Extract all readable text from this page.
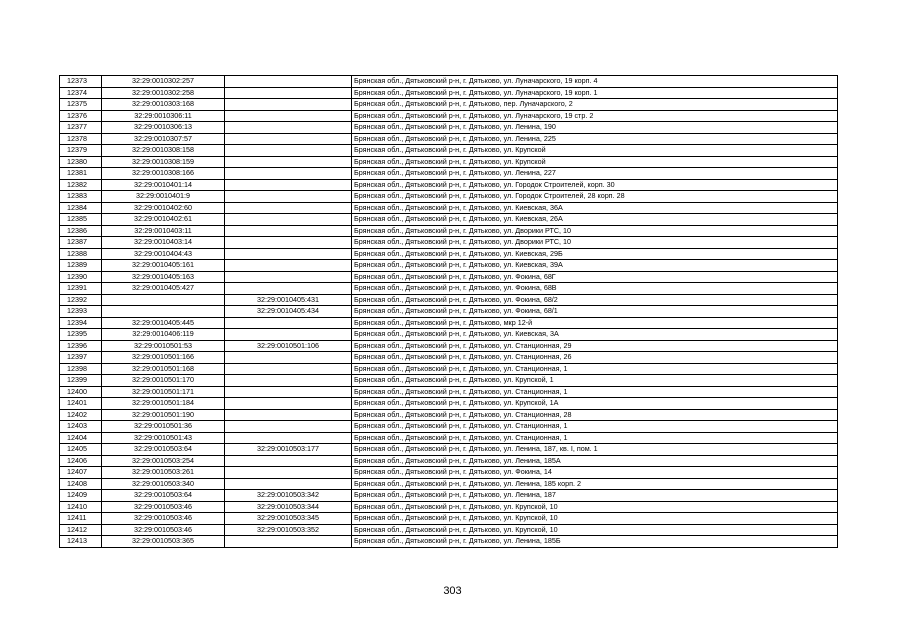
12373	32:29:0010302:257		Брянская обл., Дятьковский р-н, г. Дятьково, ул. Луначарского, 19 корп. 4
12374	32:29:0010302:258		Брянская обл., Дятьковский р-н, г. Дятьково, ул. Луначарского, 19 корп. 1
12375	32:29:0010303:168		Брянская обл., Дятьковский р-н, г. Дятьково, пер. Луначарского, 2
12376	32:29:0010306:11		Брянская обл., Дятьковский р-н, г. Дятьково, ул. Луначарского, 19 стр. 2
12377	32:29:0010306:13		Брянская обл., Дятьковский р-н, г. Дятьково, ул. Ленина, 190
12378	32:29:0010307:57		Брянская обл., Дятьковский р-н, г. Дятьково, ул. Ленина, 225
12379	32:29:0010308:158		Брянская обл., Дятьковский р-н, г. Дятьково, ул. Крупской
12380	32:29:0010308:159		Брянская обл., Дятьковский р-н, г. Дятьково, ул. Крупской
12381	32:29:0010308:166		Брянская обл., Дятьковский р-н, г. Дятьково, ул. Ленина, 227
12382	32:29:0010401:14		Брянская обл., Дятьковский р-н, г. Дятьково, ул. Городок Строителей, корп. 30
12383	32:29:0010401:9		Брянская обл., Дятьковский р-н, г. Дятьково, ул. Городок Строителей, 28 корп. 28
12384	32:29:0010402:60		Брянская обл., Дятьковский р-н, г. Дятьково, ул. Киевская, 36А
12385	32:29:0010402:61		Брянская обл., Дятьковский р-н, г. Дятьково, ул. Киевская, 26А
12386	32:29:0010403:11		Брянская обл., Дятьковский р-н, г. Дятьково, ул. Дворики РТС, 10
12387	32:29:0010403:14		Брянская обл., Дятьковский р-н, г. Дятьково, ул. Дворики РТС, 10
12388	32:29:0010404:43		Брянская обл., Дятьковский р-н, г. Дятьково, ул. Киевская, 29Б
12389	32:29:0010405:161		Брянская обл., Дятьковский р-н, г. Дятьково, ул. Киевская, 39А
12390	32:29:0010405:163		Брянская обл., Дятьковский р-н, г. Дятьково, ул. Фокина, 68Г
12391	32:29:0010405:427		Брянская обл., Дятьковский р-н, г. Дятьково, ул. Фокина, 68В
12392		32:29:0010405:431	Брянская обл., Дятьковский р-н, г. Дятьково, ул. Фокина, 68/2
12393		32:29:0010405:434	Брянская обл., Дятьковский р-н, г. Дятьково, ул. Фокина, 68/1
12394	32:29:0010405:445		Брянская обл., Дятьковский р-н, г. Дятьково, мкр 12-й
12395	32:29:0010406:119		Брянская обл., Дятьковский р-н, г. Дятьково, ул. Киевская, 3А
12396	32:29:0010501:53	32:29:0010501:106	Брянская обл., Дятьковский р-н, г. Дятьково, ул. Станционная, 29
12397	32:29:0010501:166		Брянская обл., Дятьковский р-н, г. Дятьково, ул. Станционная, 26
12398	32:29:0010501:168		Брянская обл., Дятьковский р-н, г. Дятьково, ул. Станционная, 1
12399	32:29:0010501:170		Брянская обл., Дятьковский р-н, г. Дятьково, ул. Крупской, 1
12400	32:29:0010501:171		Брянская обл., Дятьковский р-н, г. Дятьково, ул. Станционная, 1
12401	32:29:0010501:184		Брянская обл., Дятьковский р-н, г. Дятьково, ул. Крупской, 1А
12402	32:29:0010501:190		Брянская обл., Дятьковский р-н, г. Дятьково, ул. Станционная, 28
12403	32:29:0010501:36		Брянская обл., Дятьковский р-н, г. Дятьково, ул. Станционная, 1
12404	32:29:0010501:43		Брянская обл., Дятьковский р-н, г. Дятьково, ул. Станционная, 1
12405	32:29:0010503:64	32:29:0010503:177	Брянская обл., Дятьковский р-н, г. Дятьково, ул. Ленина, 187, кв. I, пом. 1
12406	32:29:0010503:254		Брянская обл., Дятьковский р-н, г. Дятьково, ул. Ленина, 185А
12407	32:29:0010503:261		Брянская обл., Дятьковский р-н, г. Дятьково, ул. Фокина, 14
12408	32:29:0010503:340		Брянская обл., Дятьковский р-н, г. Дятьково, ул. Ленина, 185 корп. 2
12409	32:29:0010503:64	32:29:0010503:342	Брянская обл., Дятьковский р-н, г. Дятьково, ул. Ленина, 187
12410	32:29:0010503:46	32:29:0010503:344	Брянская обл., Дятьковский р-н, г. Дятьково, ул. Крупской, 10
12411	32:29:0010503:46	32:29:0010503:345	Брянская обл., Дятьковский р-н, г. Дятьково, ул. Крупской, 10
12412	32:29:0010503:46	32:29:0010503:352	Брянская обл., Дятьковский р-н, г. Дятьково, ул. Крупской, 10
12413	32:29:0010503:365		Брянская обл., Дятьковский р-н, г. Дятьково, ул. Ленина, 185Б
303
